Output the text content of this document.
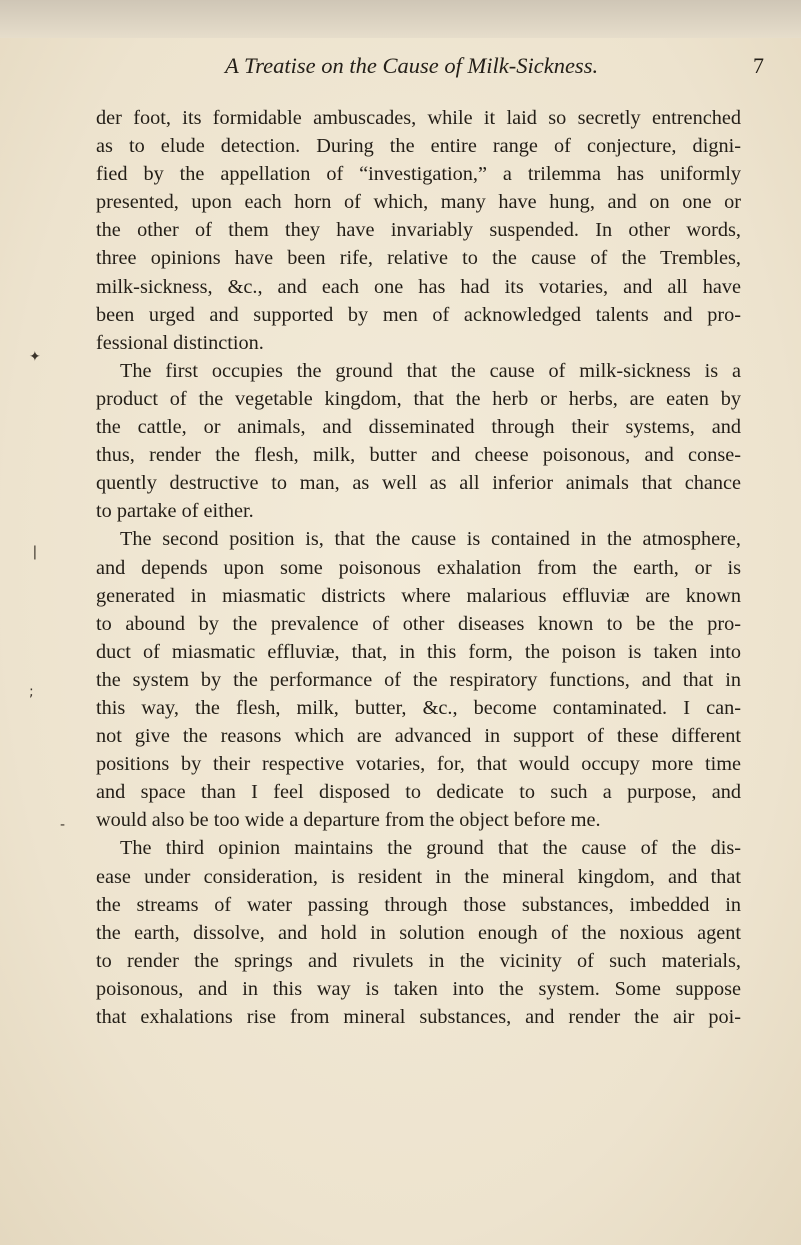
A Treatise on the Cause of Milk-Sickness.	7
der foot, its formidable ambuscades, while it laid so secretly entrenched
as to elude detection. During the entire range of conjecture, digni-
fied by the appellation of “investigation,” a trilemma has uniformly
presented, upon each horn of which, many have hung, and on one or
the other of them they have invariably suspended. In other words,
three opinions have been rife, relative to the cause of the Trembles,
milk-sickness, &c., and each one has had its votaries, and all have
been urged and supported by men of acknowledged talents and pro-
fessional distinction.
The first occupies the ground that the cause of milk-sickness is a
product of the vegetable kingdom, that the herb or herbs, are eaten by
the cattle, or animals, and disseminated through their systems, and
thus, render the flesh, milk, butter and cheese poisonous, and conse-
quently destructive to man, as well as all inferior animals that chance
to partake of either.
The second position is, that the cause is contained in the atmosphere,
and depends upon some poisonous exhalation from the earth, or is
generated in miasmatic districts where malarious effluviæ are known
to abound by the prevalence of other diseases known to be the pro-
duct of miasmatic effluviæ, that, in this form, the poison is taken into
the system by the performance of the respiratory functions, and that in
this way, the flesh, milk, butter, &c., become contaminated. I can-
not give the reasons which are advanced in support of these different
positions by their respective votaries, for, that would occupy more time
and space than I feel disposed to dedicate to such a purpose, and
would also be too wide a departure from the object before me.
The third opinion maintains the ground that the cause of the dis-
ease under consideration, is resident in the mineral kingdom, and that
the streams of water passing through those substances, imbedded in
the earth, dissolve, and hold in solution enough of the noxious agent
to render the springs and rivulets in the vicinity of such materials,
poisonous, and in this way is taken into the system. Some suppose
that exhalations rise from mineral substances, and render the air poi-
✦
❘
;
-
